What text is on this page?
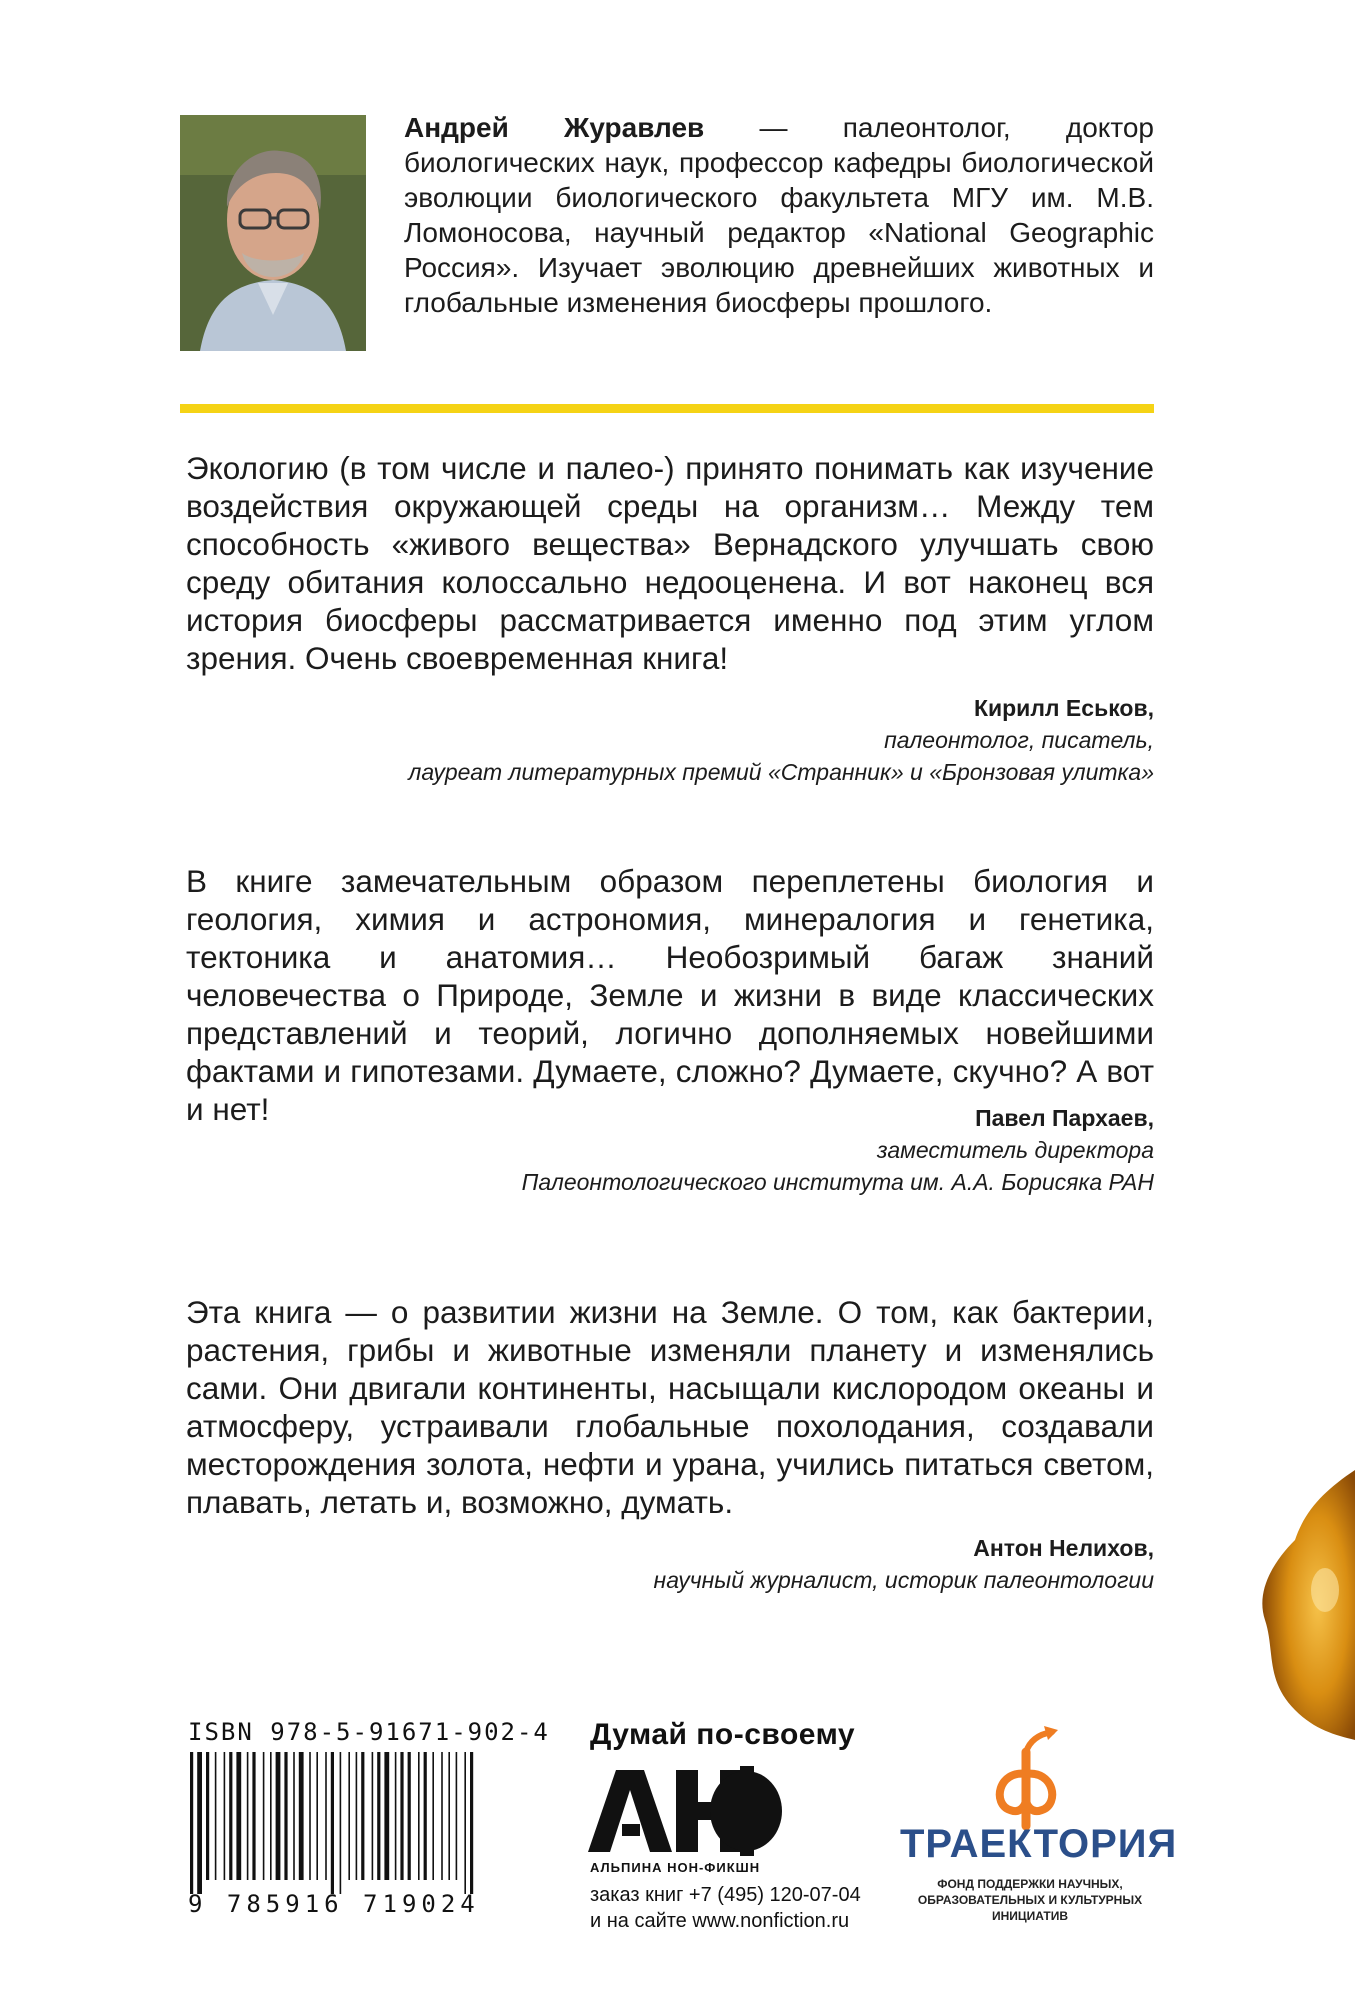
Андрей Журавлев — палеонтолог, доктор биологических наук, профессор кафедры биологической эволюции биологического факультета МГУ им. М.В. Ломоносова, научный редактор «National Geographic Россия». Изучает эволюцию древнейших животных и глобальные изменения биосферы прошлого.
Экологию (в том числе и палео-) принято понимать как изучение воздействия окружающей среды на организм… Между тем способность «живого вещества» Вернадского улучшать свою среду обитания колоссально недооценена. И вот наконец вся история биосферы рассматривается именно под этим углом зрения. Очень своевременная книга!
Кирилл Еськов,
палеонтолог, писатель,
лауреат литературных премий «Странник» и «Бронзовая улитка»
В книге замечательным образом переплетены биология и геология, химия и астрономия, минералогия и генетика, тектоника и анатомия… Необозримый багаж знаний человечества о Природе, Земле и жизни в виде классических представлений и теорий, логично дополняемых новейшими фактами и гипотезами. Думаете, сложно? Думаете, скучно? А вот и нет!	Павел Пархаев,
заместитель директора
Палеонтологического института им. А.А. Борисяка РАН
Эта книга — о развитии жизни на Земле. О том, как бактерии, растения, грибы и животные изменяли планету и изменялись сами. Они двигали континенты, насыщали кислородом океаны и атмосферу, устраивали глобальные похолодания, создавали месторождения золота, нефти и урана, учились питаться светом, плавать, летать и, возможно, думать.
Антон Нелихов,
научный журналист, историк палеонтологии
ISBN 978-5-91671-902-4
9 785916 719024
Думай по-своему
АЛЬПИНА НОН-ФИКШН
заказ книг +7 (495) 120-07-04
и на сайте www.nonfiction.ru
ТРАЕКТОРИЯ
ФОНД ПОДДЕРЖКИ НАУЧНЫХ, ОБРАЗОВАТЕЛЬНЫХ И КУЛЬТУРНЫХ ИНИЦИАТИВ
